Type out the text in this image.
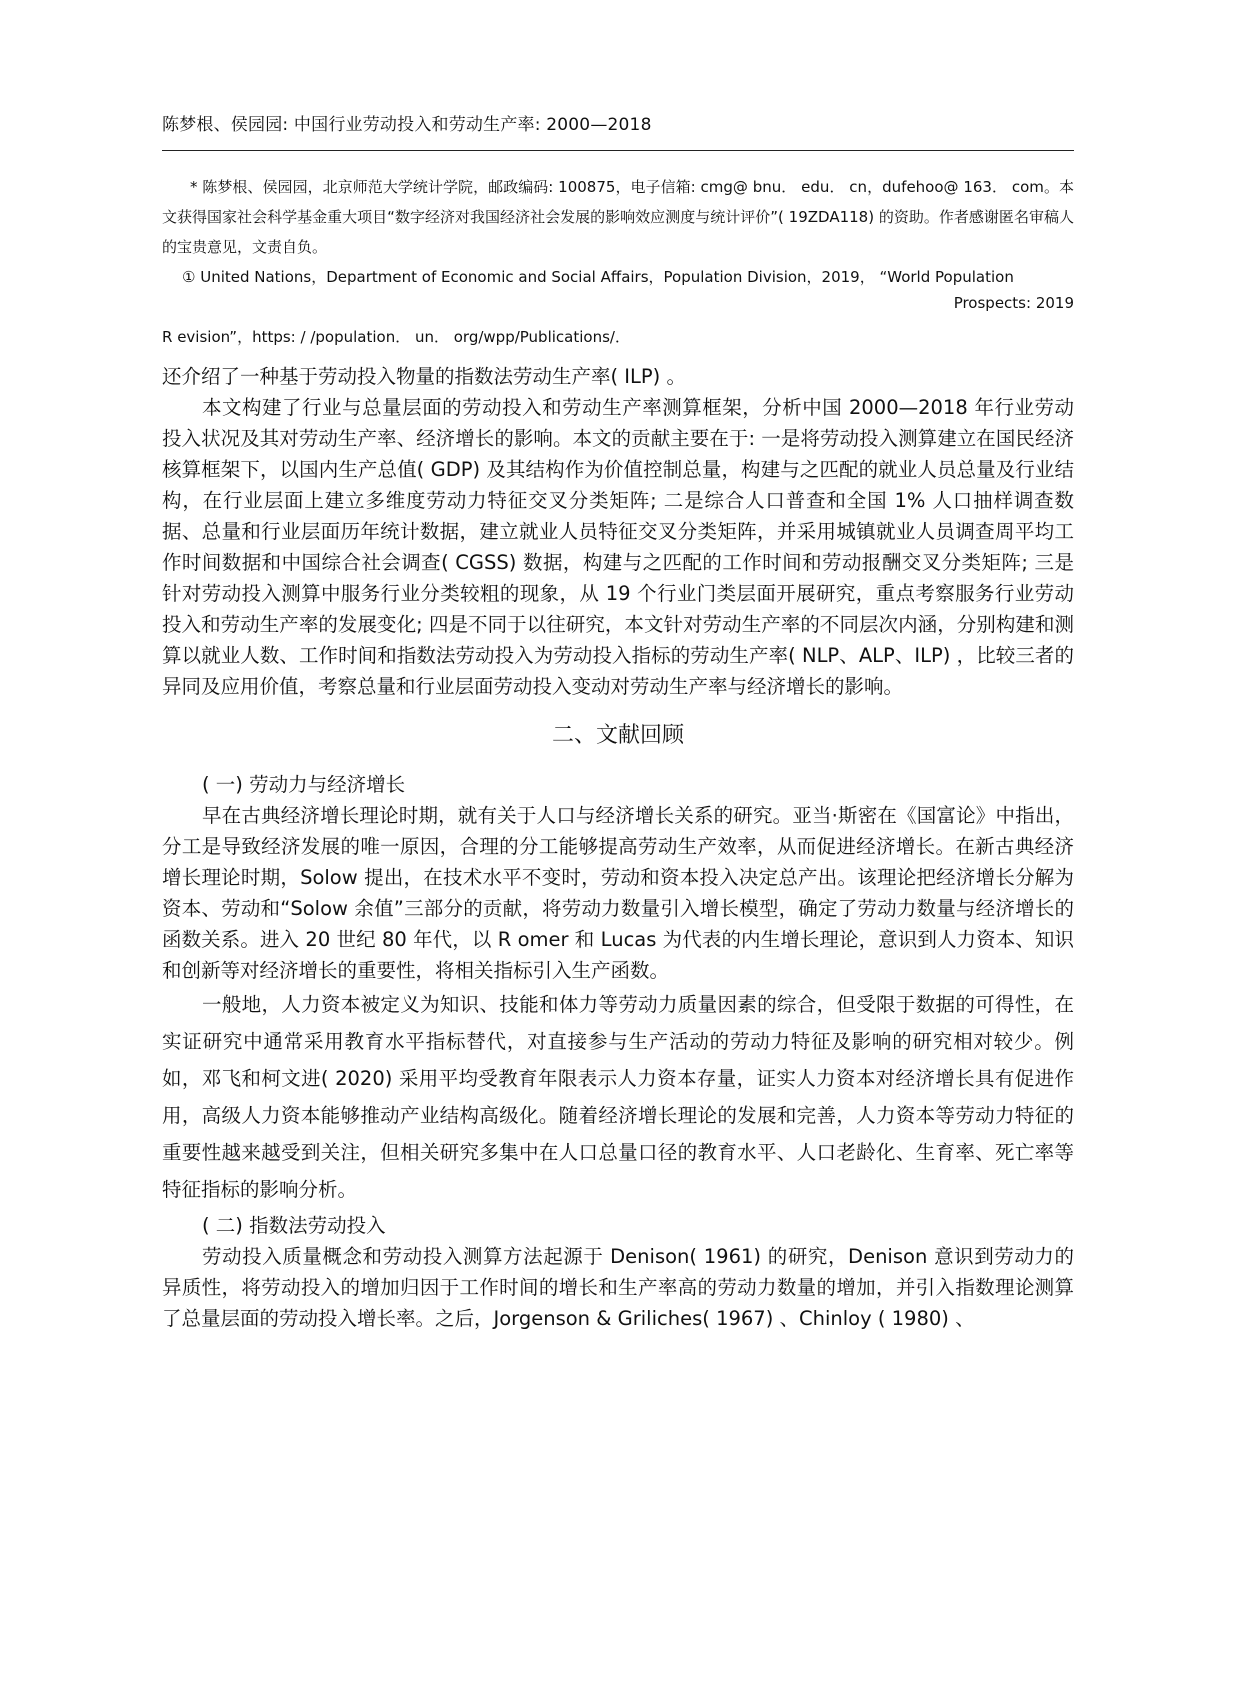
陈梦根、侯园园: 中国行业劳动投入和劳动生产率: 2000—2018

* 陈梦根、侯园园，北京师范大学统计学院，邮政编码: 100875，电子信箱: cmg@ bnu． edu． cn，dufehoo@ 163． com。本文获得国家社会科学基金重大项目“数字经济对我国经济社会发展的影响效应测度与统计评价”( 19ZDA118) 的资助。作者感谢匿名审稿人的宝贵意见，文责自负。

① United Nations，Department of Economic and Social Affairs，Population Division，2019， “World Population

Prospects: 2019

R evision”，https: / /population． un． org/wpp/Publications/．

还介绍了一种基于劳动投入物量的指数法劳动生产率( ILP) 。

本文构建了行业与总量层面的劳动投入和劳动生产率测算框架，分析中国 2000—2018 年行业劳动投入状况及其对劳动生产率、经济增长的影响。本文的贡献主要在于: 一是将劳动投入测算建立在国民经济核算框架下，以国内生产总值( GDP) 及其结构作为价值控制总量，构建与之匹配的就业人员总量及行业结构，在行业层面上建立多维度劳动力特征交叉分类矩阵; 二是综合人口普查和全国 1% 人口抽样调查数据、总量和行业层面历年统计数据，建立就业人员特征交叉分类矩阵，并采用城镇就业人员调查周平均工作时间数据和中国综合社会调查( CGSS) 数据，构建与之匹配的工作时间和劳动报酬交叉分类矩阵; 三是针对劳动投入测算中服务行业分类较粗的现象，从 19 个行业门类层面开展研究，重点考察服务行业劳动投入和劳动生产率的发展变化; 四是不同于以往研究，本文针对劳动生产率的不同层次内涵，分别构建和测算以就业人数、工作时间和指数法劳动投入为劳动投入指标的劳动生产率( NLP、ALP、ILP) ，比较三者的异同及应用价值，考察总量和行业层面劳动投入变动对劳动生产率与经济增长的影响。

二、文献回顾

( 一) 劳动力与经济增长

早在古典经济增长理论时期，就有关于人口与经济增长关系的研究。亚当·斯密在《国富论》中指出，分工是导致经济发展的唯一原因，合理的分工能够提高劳动生产效率，从而促进经济增长。在新古典经济增长理论时期，Solow 提出，在技术水平不变时，劳动和资本投入决定总产出。该理论把经济增长分解为资本、劳动和“Solow 余值”三部分的贡献，将劳动力数量引入增长模型，确定了劳动力数量与经济增长的函数关系。进入 20 世纪 80 年代，以 R omer 和 Lucas 为代表的内生增长理论，意识到人力资本、知识和创新等对经济增长的重要性，将相关指标引入生产函数。

一般地，人力资本被定义为知识、技能和体力等劳动力质量因素的综合，但受限于数据的可得性，在实证研究中通常采用教育水平指标替代，对直接参与生产活动的劳动力特征及影响的研究相对较少。例如，邓飞和柯文进( 2020) 采用平均受教育年限表示人力资本存量，证实人力资本对经济增长具有促进作用，高级人力资本能够推动产业结构高级化。随着经济增长理论的发展和完善，人力资本等劳动力特征的重要性越来越受到关注，但相关研究多集中在人口总量口径的教育水平、人口老龄化、生育率、死亡率等特征指标的影响分析。

( 二) 指数法劳动投入

劳动投入质量概念和劳动投入测算方法起源于 Denison( 1961) 的研究，Denison 意识到劳动力的异质性，将劳动投入的增加归因于工作时间的增长和生产率高的劳动力数量的增加，并引入指数理论测算了总量层面的劳动投入增长率。之后，Jorgenson & Griliches( 1967) 、Chinloy ( 1980) 、
